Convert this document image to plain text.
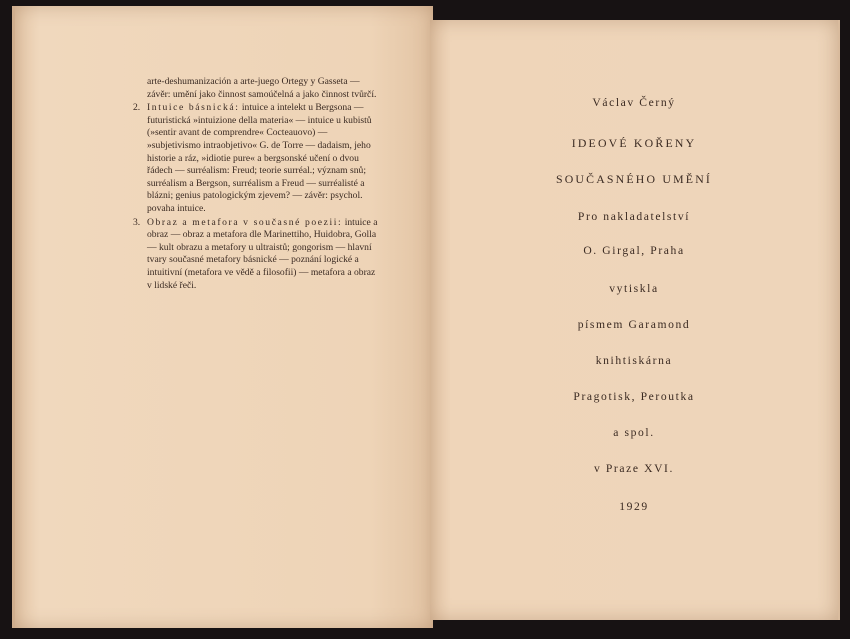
arte-deshumanización a arte-juego Ortegy y Gasseta — závěr: umění jako činnost samoúčelná a jako činnost tvůrčí.
2. Intuice básnická: intuice a intelekt u Bergsona — futuristická »intuizione della materia« — intuice u kubistů (»sentir avant de comprendre« Cocteauovo) — »subjetivismo intraobjetivo« G. de Torre — dadaism, jeho historie a ráz, »idiotie pure« a bergsonské učení o dvou řádech — surréalism: Freud; teorie surréal.; význam snů; surréalism a Bergson, surréalism a Freud — surréalisté a blázni; genius patologickým zjevem? — závěr: psychol. povaha intuice.
3. Obraz a metafora v současné poezii: intuice a obraz — obraz a metafora dle Marinettiho, Huidobra, Golla — kult obrazu a metafory u ultraistů; gongorism — hlavní tvary současné metafory básnické — poznání logické a intuitivní (metafora ve vědě a filosofii) — metafora a obraz v lidské řeči.
Václav Černý
IDEOVÉ KOŘENY
SOUČASNÉHO UMĚNÍ
Pro nakladatelství
O. Girgal, Praha
vytiskla
písmem Garamond
knihtiskárna
Pragotisk, Peroutka
a spol.
v Praze XVI.
1929
